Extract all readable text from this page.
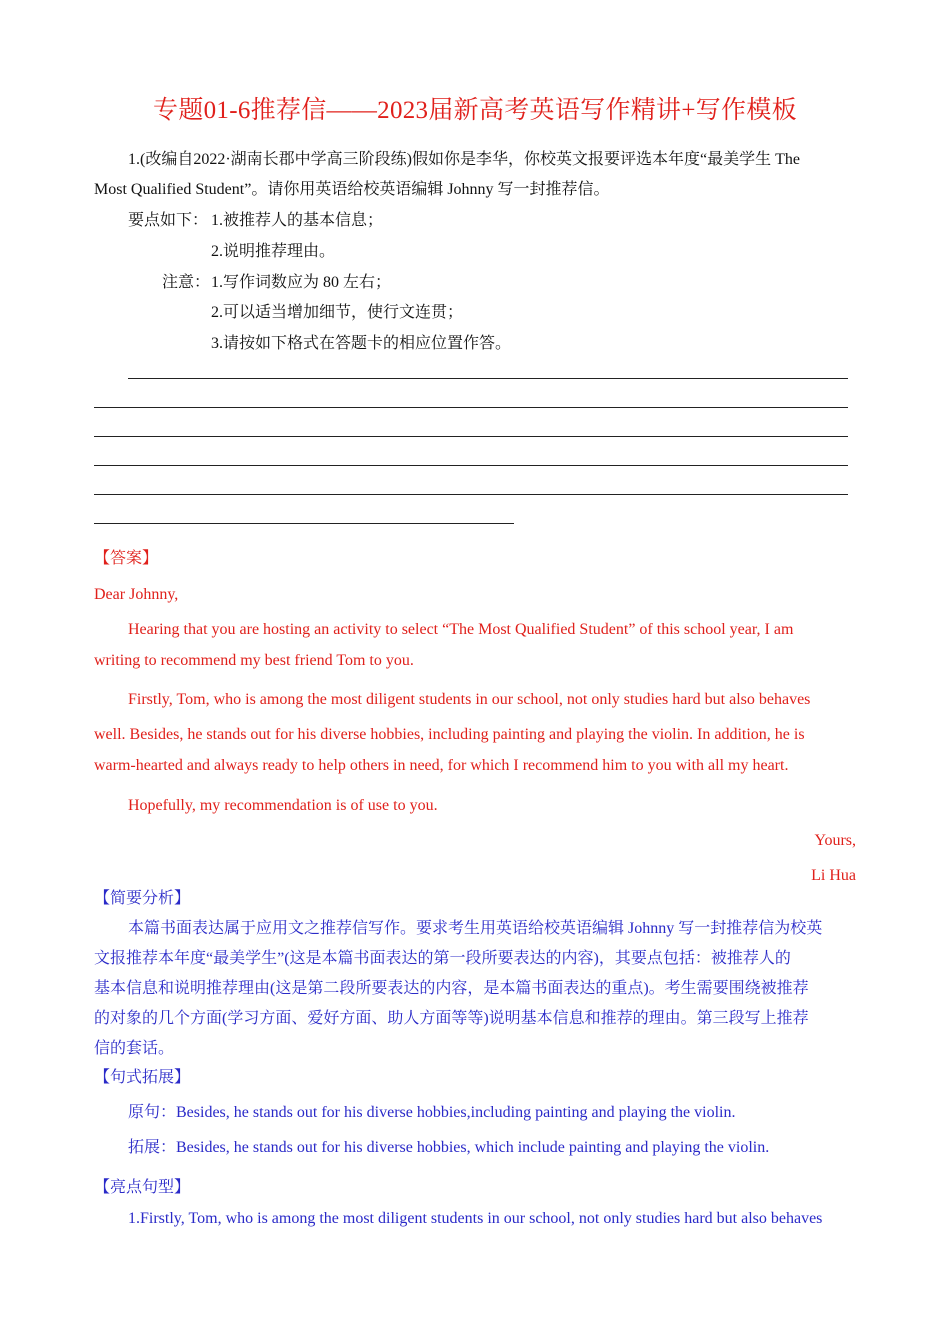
专题01-6推荐信——2023届新高考英语写作精讲+写作模板
1.(改编自2022·湖南长郡中学高三阶段练)假如你是李华，你校英文报要评选本年度“最美学生 The
Most Qualified Student”。请你用英语给校英语编辑 Johnny 写一封推荐信。
要点如下： 1.被推荐人的基本信息；
2.说明推荐理由。
注意： 1.写作词数应为 80 左右；
2.可以适当增加细节，使行文连贯；
3.请按如下格式在答题卡的相应位置作答。
【答案】
Dear Johnny,
Hearing that you are hosting an activity to select “The Most Qualified Student” of this school year, I am
writing to recommend my best friend Tom to you.
Firstly, Tom, who is among the most diligent students in our school, not only studies hard but also behaves
well. Besides, he stands out for his diverse hobbies, including painting and playing the violin. In addition, he is
warm-hearted and always ready to help others in need, for which I recommend him to you with all my heart.
Hopefully, my recommendation is of use to you.
Yours,
Li Hua
【简要分析】
本篇书面表达属于应用文之推荐信写作。要求考生用英语给校英语编辑 Johnny 写一封推荐信为校英
文报推荐本年度“最美学生”(这是本篇书面表达的第一段所要表达的内容)，其要点包括：被推荐人的
基本信息和说明推荐理由(这是第二段所要表达的内容，是本篇书面表达的重点)。考生需要围绕被推荐
的对象的几个方面(学习方面、爱好方面、助人方面等等)说明基本信息和推荐的理由。第三段写上推荐
信的套话。
【句式拓展】
原句：Besides, he stands out for his diverse hobbies,including painting and playing the violin.
拓展：Besides, he stands out for his diverse hobbies, which include painting and playing the violin.
【亮点句型】
1.Firstly, Tom, who is among the most diligent students in our school, not only studies hard but also behaves
